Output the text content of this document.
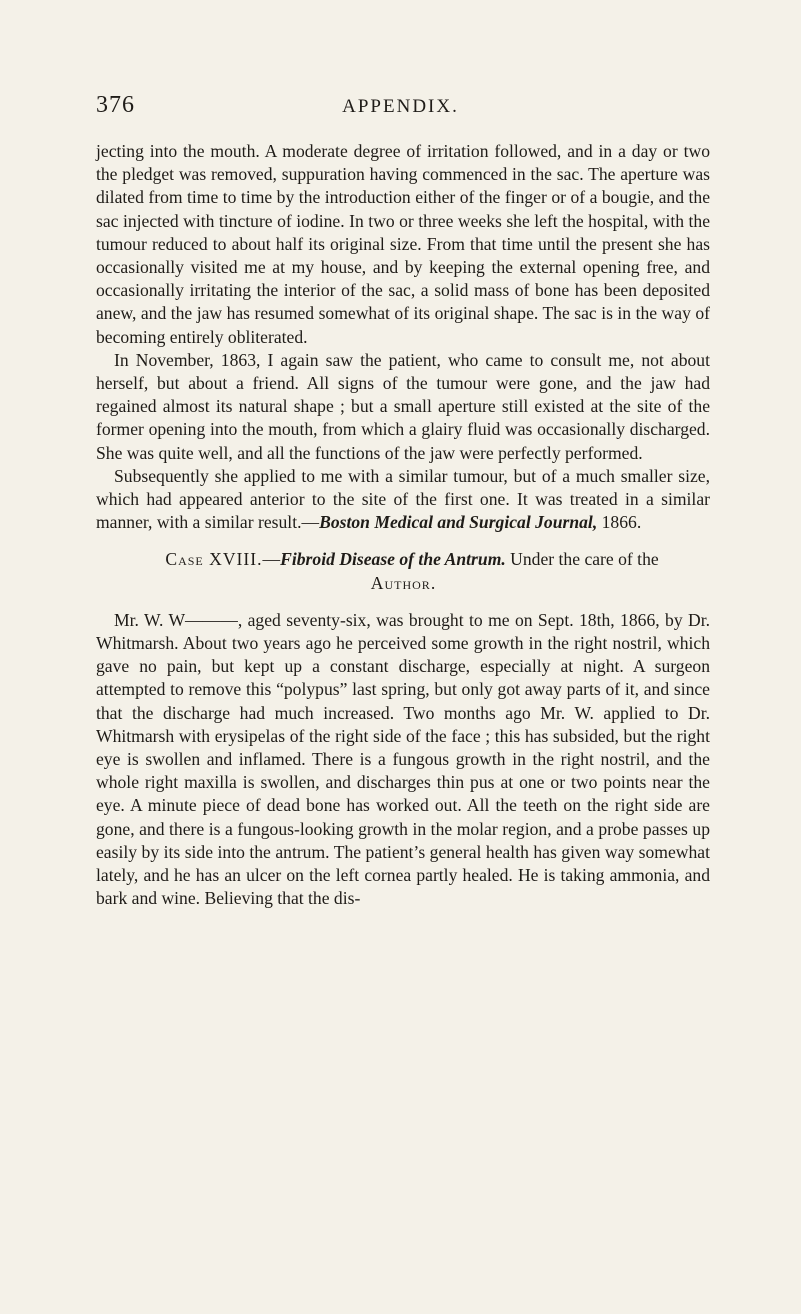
376	APPENDIX.

jecting into the mouth. A moderate degree of irritation followed, and in a day or two the pledget was removed, suppuration having commenced in the sac. The aperture was dilated from time to time by the introduction either of the finger or of a bougie, and the sac injected with tincture of iodine. In two or three weeks she left the hospital, with the tumour reduced to about half its original size. From that time until the present she has occasionally visited me at my house, and by keeping the external opening free, and occasionally irritating the interior of the sac, a solid mass of bone has been deposited anew, and the jaw has resumed somewhat of its original shape. The sac is in the way of becoming entirely obliterated.

In November, 1863, I again saw the patient, who came to consult me, not about herself, but about a friend. All signs of the tumour were gone, and the jaw had regained almost its natural shape ; but a small aperture still existed at the site of the former opening into the mouth, from which a glairy fluid was occasionally discharged. She was quite well, and all the functions of the jaw were perfectly performed.

Subsequently she applied to me with a similar tumour, but of a much smaller size, which had appeared anterior to the site of the first one. It was treated in a similar manner, with a similar result.—Boston Medical and Surgical Journal, 1866.

Case XVIII.—Fibroid Disease of the Antrum. Under the care of the Author.

Mr. W. W———, aged seventy-six, was brought to me on Sept. 18th, 1866, by Dr. Whitmarsh. About two years ago he perceived some growth in the right nostril, which gave no pain, but kept up a constant discharge, especially at night. A surgeon attempted to remove this “polypus” last spring, but only got away parts of it, and since that the discharge had much increased. Two months ago Mr. W. applied to Dr. Whitmarsh with erysipelas of the right side of the face ; this has subsided, but the right eye is swollen and inflamed. There is a fungous growth in the right nostril, and the whole right maxilla is swollen, and discharges thin pus at one or two points near the eye. A minute piece of dead bone has worked out. All the teeth on the right side are gone, and there is a fungous-looking growth in the molar region, and a probe passes up easily by its side into the antrum. The patient’s general health has given way somewhat lately, and he has an ulcer on the left cornea partly healed. He is taking ammonia, and bark and wine. Believing that the dis-
